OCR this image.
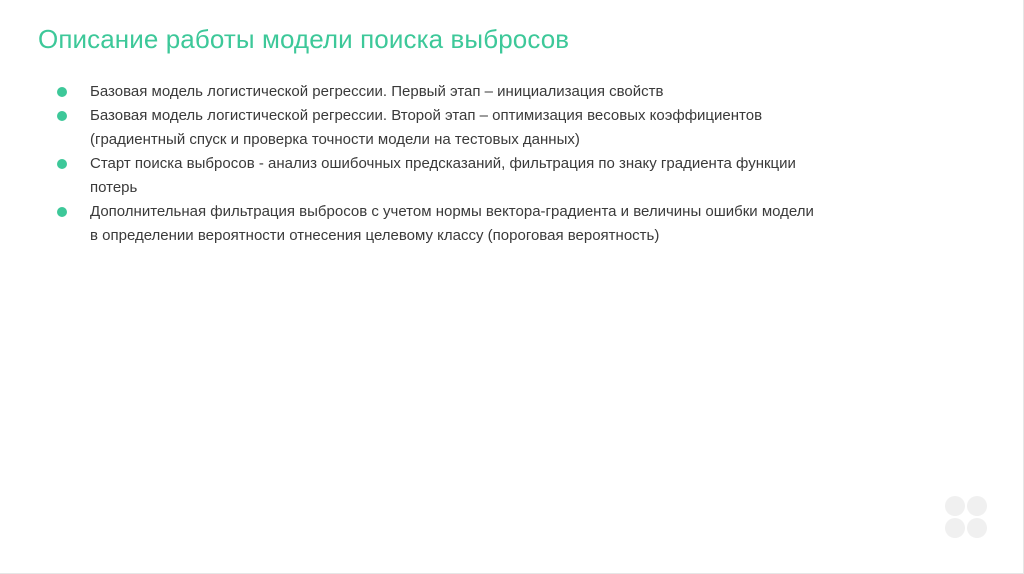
Описание работы модели поиска выбросов
Базовая модель логистической регрессии. Первый этап – инициализация свойств
Базовая модель логистической регрессии. Второй этап – оптимизация весовых коэффициентов (градиентный спуск и проверка точности модели на тестовых данных)
Старт поиска выбросов - анализ ошибочных предсказаний, фильтрация по знаку градиента функции потерь
Дополнительная фильтрация выбросов с учетом нормы вектора-градиента и величины ошибки модели в определении вероятности отнесения целевому классу (пороговая вероятность)
